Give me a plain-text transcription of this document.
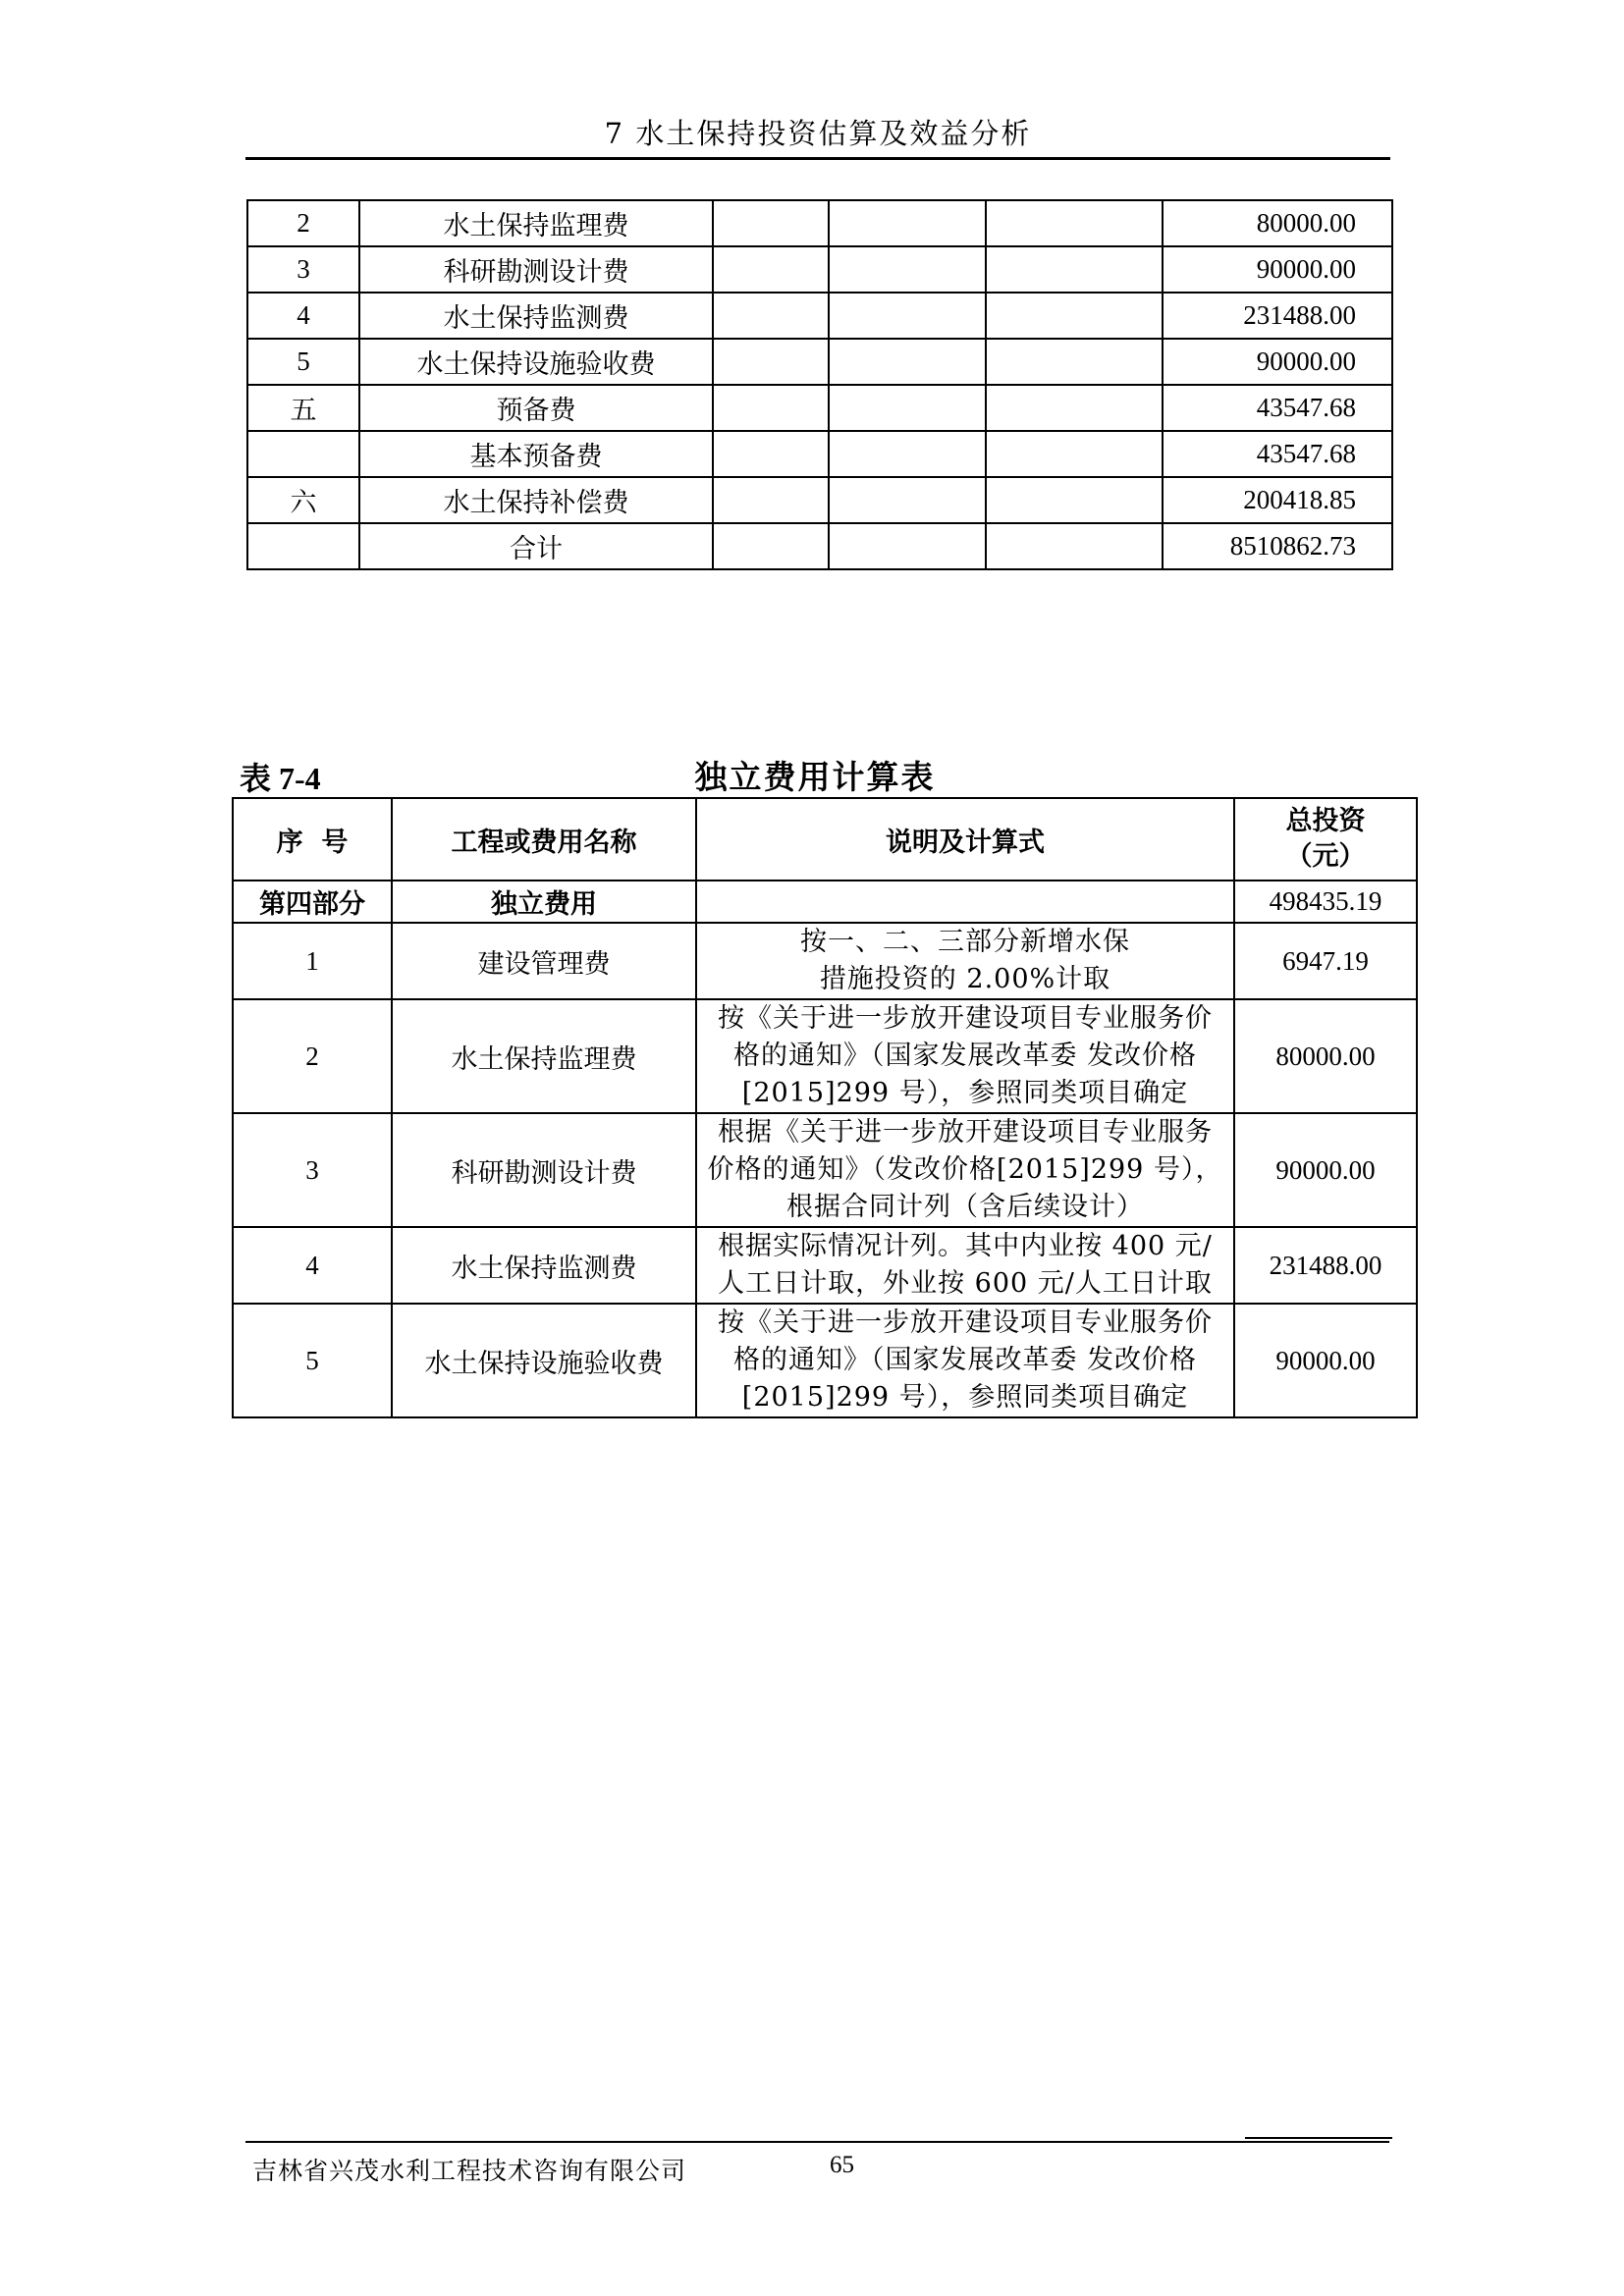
7 水土保持投资估算及效益分析
2	水土保持监理费				80000.00
3	科研勘测设计费				90000.00
4	水土保持监测费				231488.00
5	水土保持设施验收费				90000.00
五	预备费				43547.68
	基本预备费				43547.68
六	水土保持补偿费				200418.85
	合计				8510862.73
表 7-4	独立费用计算表
序  号	工程或费用名称	说明及计算式	总投资
（元）

第四部分	独立费用		498435.19
1	建设管理费	按一、二、三部分新增水保
措施投资的 2.00%计取	6947.19
2	水土保持监理费	按《关于进一步放开建设项目专业服务价
格的通知》（国家发展改革委 发改价格
[2015]299 号），参照同类项目确定	80000.00
3	科研勘测设计费	根据《关于进一步放开建设项目专业服务
价格的通知》（发改价格[2015]299 号），
根据合同计列（含后续设计）	90000.00
4	水土保持监测费	根据实际情况计列。其中内业按 400 元/
人工日计取，外业按 600 元/人工日计取	231488.00
5	水土保持设施验收费	按《关于进一步放开建设项目专业服务价
格的通知》（国家发展改革委 发改价格
[2015]299 号），参照同类项目确定	90000.00
吉林省兴茂水利工程技术咨询有限公司	65
